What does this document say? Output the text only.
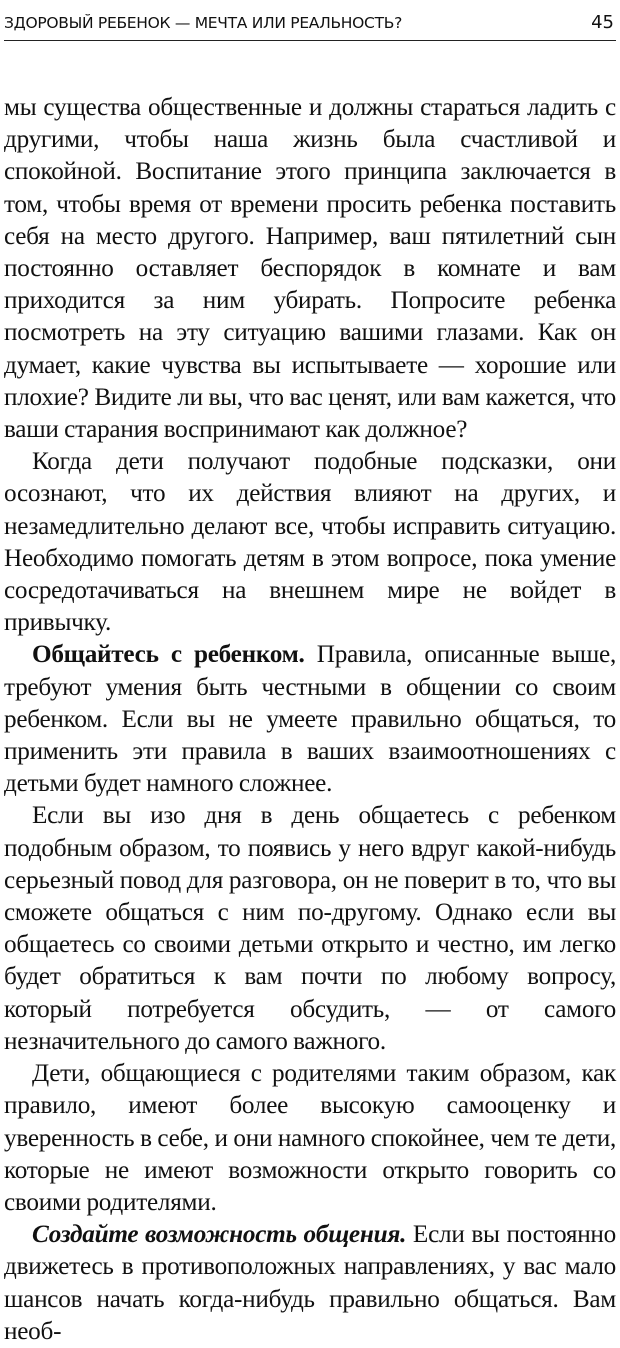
ЗДОРОВЫЙ РЕБЕНОК — МЕЧТА ИЛИ РЕАЛЬНОСТЬ?	45

мы существа общественные и должны стараться ладить с другими, чтобы наша жизнь была счастливой и спокойной. Воспитание этого принципа заключается в том, чтобы время от времени просить ребенка поставить себя на место другого. Например, ваш пятилетний сын постоянно оставляет беспорядок в комнате и вам приходится за ним убирать. Попросите ребенка посмотреть на эту ситуацию вашими глазами. Как он думает, какие чувства вы испытываете — хорошие или плохие? Видите ли вы, что вас ценят, или вам кажется, что ваши старания воспринимают как должное?

Когда дети получают подобные подсказки, они осознают, что их действия влияют на других, и незамедлительно делают все, чтобы исправить ситуацию. Необходимо помогать детям в этом вопросе, пока умение сосредотачиваться на внешнем мире не войдет в привычку.

Общайтесь с ребенком. Правила, описанные выше, требуют умения быть честными в общении со своим ребенком. Если вы не умеете правильно общаться, то применить эти правила в ваших взаимоотношениях с детьми будет намного сложнее.

Если вы изо дня в день общаетесь с ребенком подобным образом, то появись у него вдруг какой-нибудь серьезный повод для разговора, он не поверит в то, что вы сможете общаться с ним по-другому. Однако если вы общаетесь со своими детьми открыто и честно, им легко будет обратиться к вам почти по любому вопросу, который потребуется обсудить, — от самого незначительного до самого важного.

Дети, общающиеся с родителями таким образом, как правило, имеют более высокую самооценку и уверенность в себе, и они намного спокойнее, чем те дети, которые не имеют возможности открыто говорить со своими родителями.

Создайте возможность общения. Если вы постоянно движетесь в противоположных направлениях, у вас мало шансов начать когда-нибудь правильно общаться. Вам необ-
